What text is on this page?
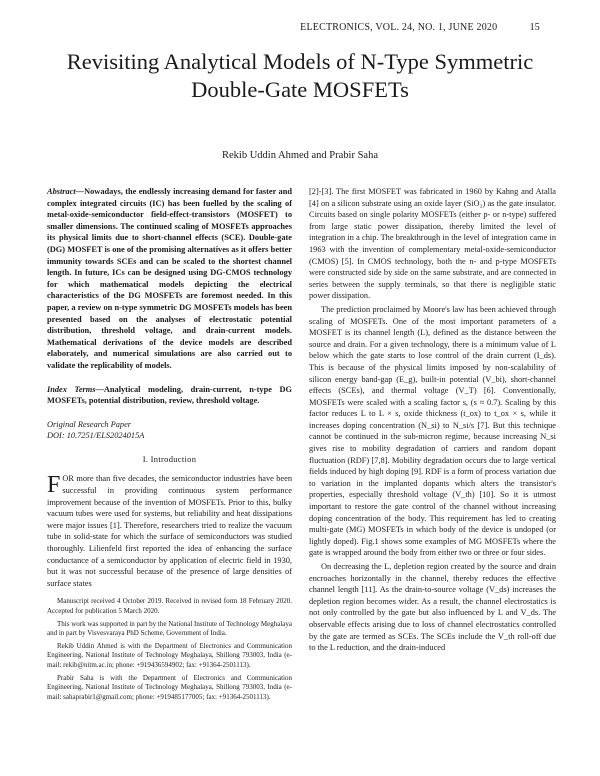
ELECTRONICS, VOL. 24, NO. 1, JUNE 2020	15
Revisiting Analytical Models of N-Type Symmetric Double-Gate MOSFETs
Rekib Uddin Ahmed and Prabir Saha

Abstract—Nowadays, the endlessly increasing demand for faster and complex integrated circuits (IC) has been fuelled by the scaling of metal-oxide-semiconductor field-effect-transistors (MOSFET) to smaller dimensions. The continued scaling of MOSFETs approaches its physical limits due to short-channel effects (SCE). Double-gate (DG) MOSFET is one of the promising alternatives as it offers better immunity towards SCEs and can be scaled to the shortest channel length. In future, ICs can be designed using DG-CMOS technology for which mathematical models depicting the electrical characteristics of the DG MOSFETs are foremost needed. In this paper, a review on n-type symmetric DG MOSFETs models has been presented based on the analyses of electrostatic potential distribution, threshold voltage, and drain-current models. Mathematical derivations of the device models are described elaborately, and numerical simulations are also carried out to validate the replicability of models.

Index Terms—Analytical modeling, drain-current, n-type DG MOSFETs, potential distribution, review, threshold voltage.

Original Research Paper
DOI: 10.7251/ELS2024015A

I. Introduction

FOR more than five decades, the semiconductor industries have been successful in providing continuous system performance improvement because of the invention of MOSFETs. Prior to this, bulky vacuum tubes were used for systems, but reliability and heat dissipations were major issues [1]. Therefore, researchers tried to realize the vacuum tube in solid-state for which the surface of semiconductors was studied thoroughly. Lilienfeld first reported the idea of enhancing the surface conductance of a semiconductor by application of electric field in 1930, but it was not successful because of the presence of large densities of surface states

Manuscript received 4 October 2019. Received in revised form 18 February 2020. Accepted for publication 5 March 2020.

This work was supported in part by the National Institute of Technology Meghalaya and in part by Visvesvaraya PhD Scheme, Government of India.

Rekib Uddin Ahmed is with the Department of Electronics and Communication Engineering, National Institute of Technology Meghalaya, Shillong 793003, India (e-mail: rekib@nitm.ac.in; phone: +919436594902; fax: +91364-2501113).

Prabir Saha is with the Department of Electronics and Communication Engineering, National Institute of Technology Meghalaya, Shillong 793003, India (e-mail: sahaprabir1@gmail.com; phone: +919485177005; fax: +91364-2501113).

[2]-[3]. The first MOSFET was fabricated in 1960 by Kahng and Atalla [4] on a silicon substrate using an oxide layer (SiO₂) as the gate insulator. Circuits based on single polarity MOSFETs (either p- or n-type) suffered from large static power dissipation, thereby limited the level of integration in a chip. The breakthrough in the level of integration came in 1963 with the invention of complementary metal-oxide-semiconductor (CMOS) [5]. In CMOS technology, both the n- and p-type MOSFETs were constructed side by side on the same substrate, and are connected in series between the supply terminals, so that there is negligible static power dissipation.

The prediction proclaimed by Moore's law has been achieved through scaling of MOSFETs. One of the most important parameters of a MOSFET is its channel length (L), defined as the distance between the source and drain. For a given technology, there is a minimum value of L below which the gate starts to lose control of the drain current (I_ds). This is because of the physical limits imposed by non-scalability of silicon energy band-gap (E_g), built-in potential (V_bi), short-channel effects (SCEs), and thermal voltage (V_T) [6]. Conventionally, MOSFETs were scaled with a scaling factor s, (s ≈ 0.7). Scaling by this factor reduces L to L × s, oxide thickness (t_ox) to t_ox × s, while it increases doping concentration (N_si) to N_si/s [7]. But this technique cannot be continued in the sub-micron regime, because increasing N_si gives rise to mobility degradation of carriers and random dopant fluctuation (RDF) [7,8]. Mobility degradation occurs due to large vertical fields induced by high doping [9]. RDF is a form of process variation due to variation in the implanted dopants which alters the transistor's properties, especially threshold voltage (V_th) [10]. So it is utmost important to restore the gate control of the channel without increasing doping concentration of the body. This requirement has led to creating multi-gate (MG) MOSFETs in which body of the device is undoped (or lightly doped). Fig.1 shows some examples of MG MOSFETs where the gate is wrapped around the body from either two or three or four sides.

On decreasing the L, depletion region created by the source and drain encroaches horizontally in the channel, thereby reduces the effective channel length [11]. As the drain-to-source voltage (V_ds) increases the depletion region becomes wider. As a result, the channel electrostatics is not only controlled by the gate but also influenced by L and V_ds. The observable effects arising due to loss of channel electrostatics controlled by the gate are termed as SCEs. The SCEs include the V_th roll-off due to the L reduction, and the drain-induced
